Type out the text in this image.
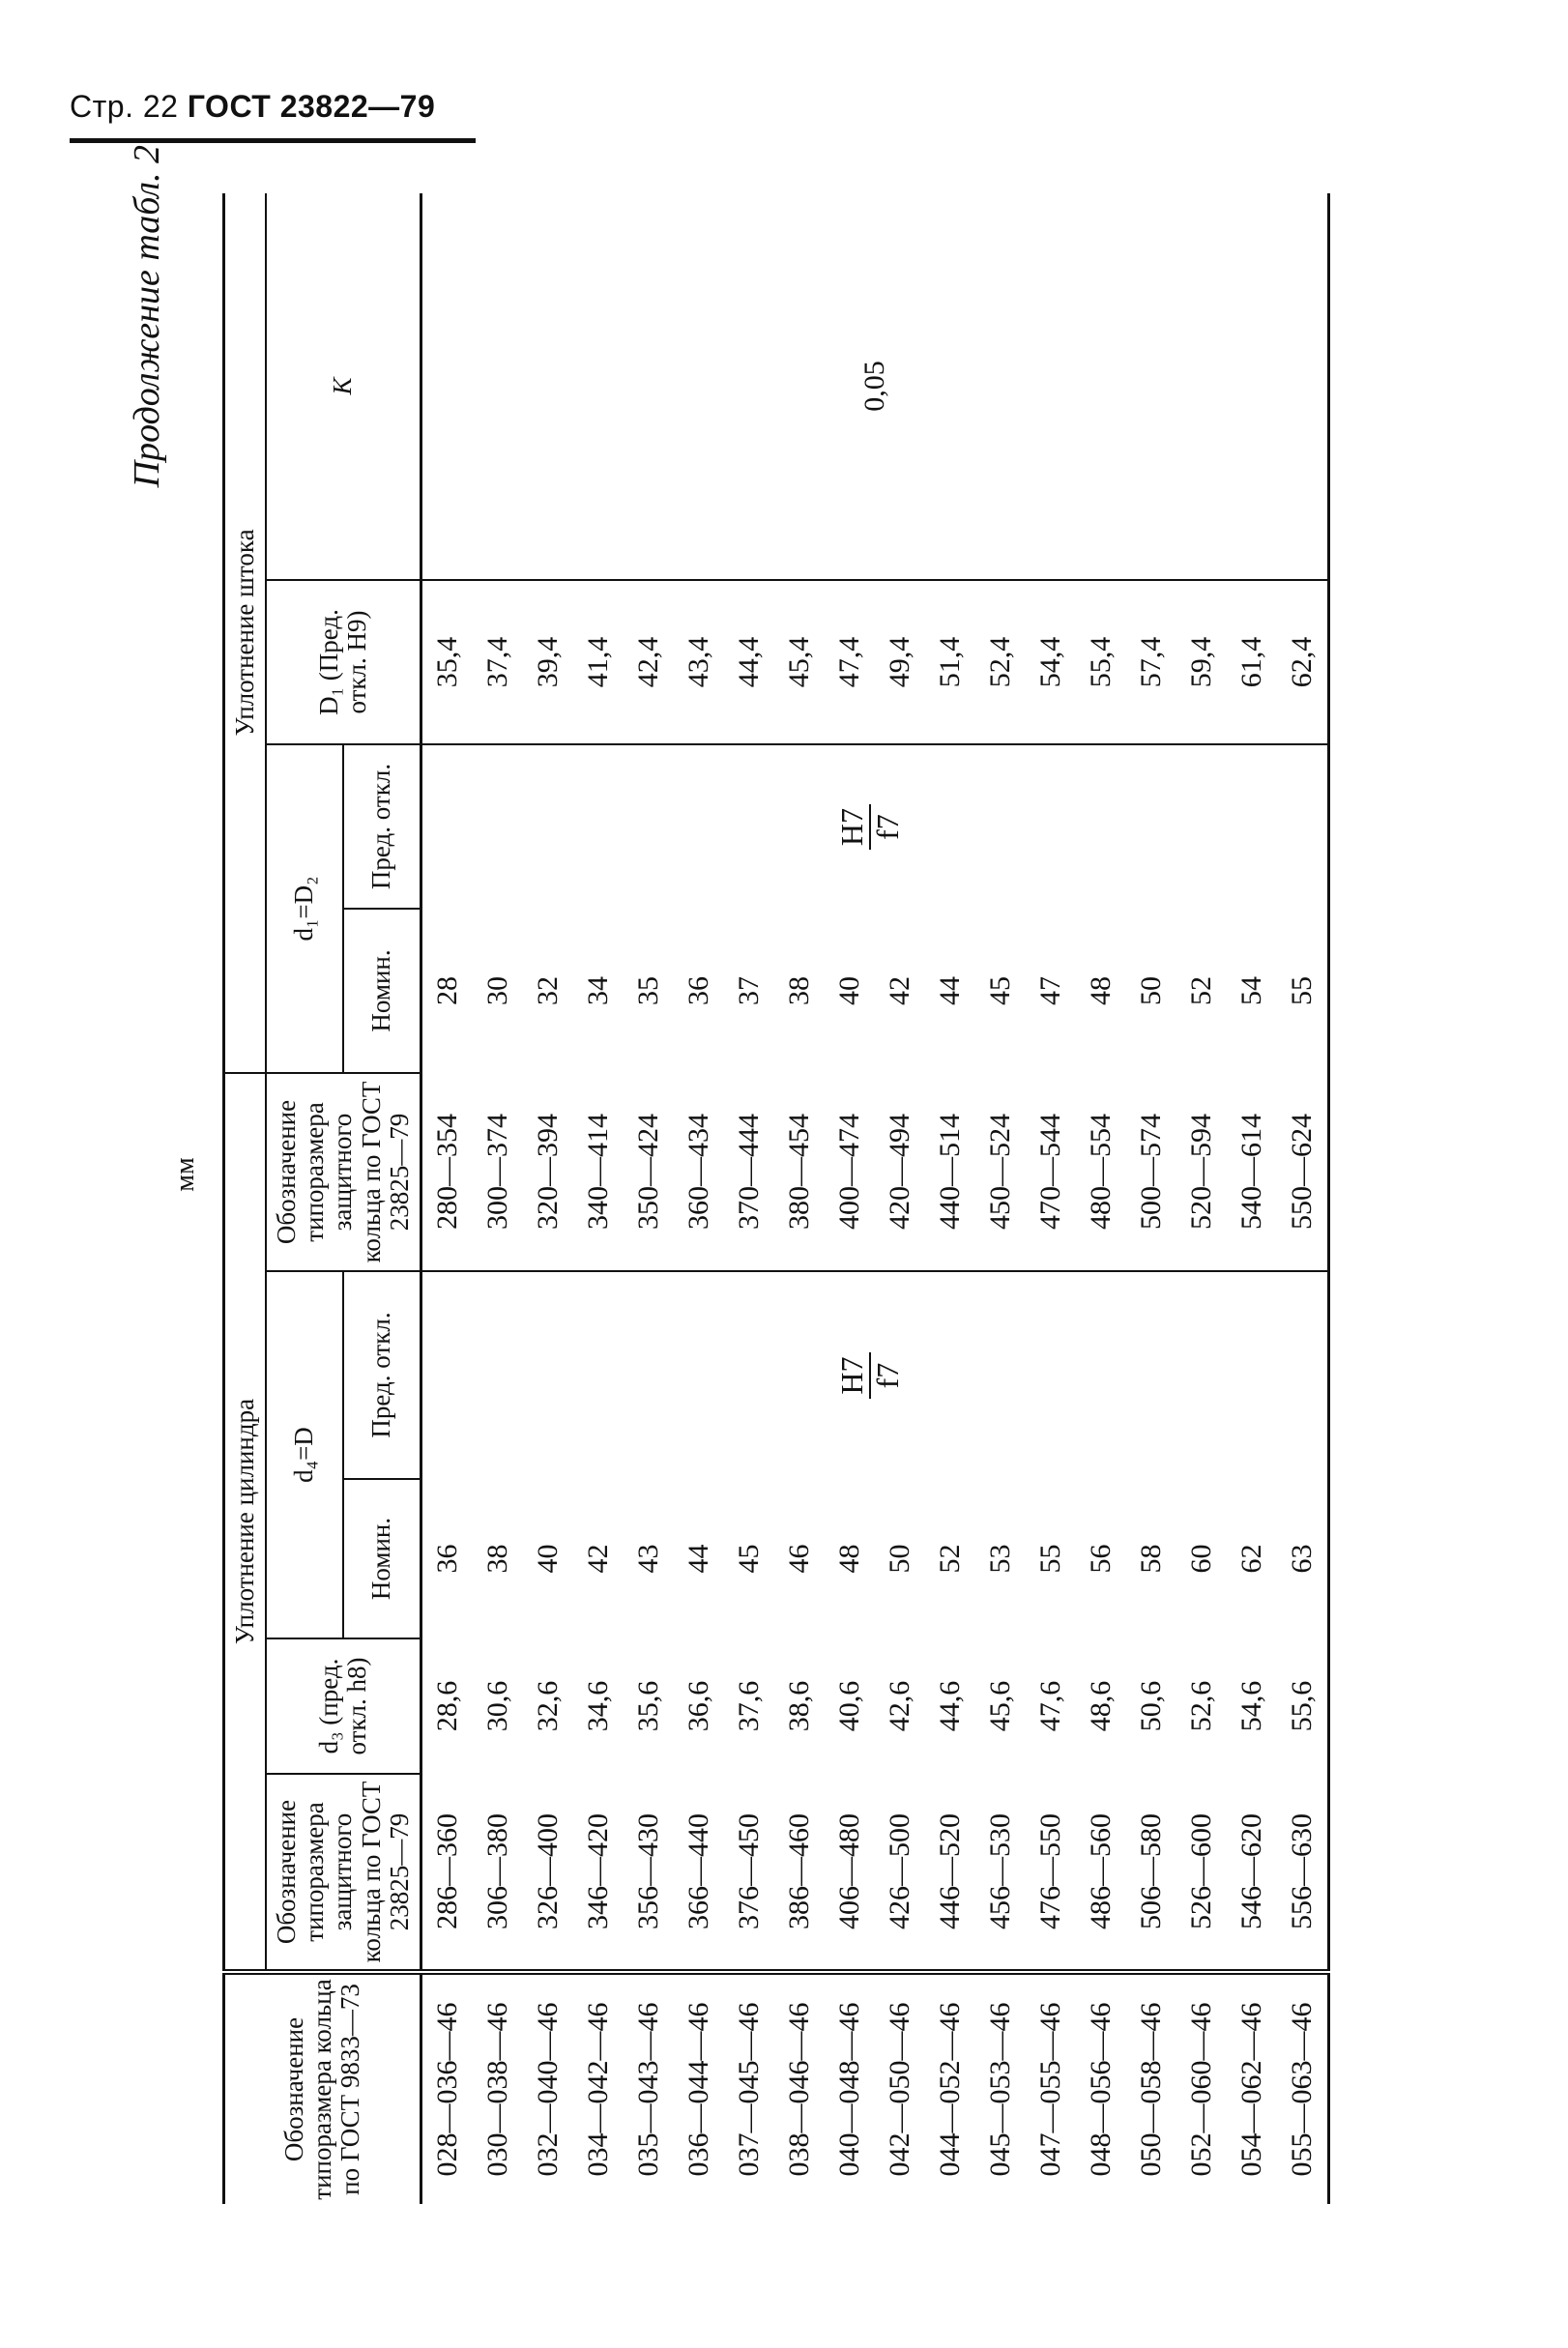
Стр. 22 ГОСТ 23822—79
Продолжение табл. 2
мм
Обозначение типоразмера кольца по ГОСТ 9833—73	Уплотнение цилиндра					Уплотнение штока			
	Обозначение типоразмера защитного кольца по ГОСТ 23825—79	d₃ (пред. откл. h8)	d₄=D		Обозначение типоразмера защитного кольца по ГОСТ 23825—79	d₁=D₂		D₁ (Пред. откл. H9)	K
			Номин.	Пред. откл.		Номин.	Пред. откл.		
028—036—46	286—360	28,6	36	H7 f7	280—354	28	H7 f7	35,4	0,05
030—038—46	306—380	30,6	38		300—374	30		37,4	
032—040—46	326—400	32,6	40		320—394	32		39,4	
034—042—46	346—420	34,6	42		340—414	34		41,4	
035—043—46	356—430	35,6	43		350—424	35		42,4	
036—044—46	366—440	36,6	44		360—434	36		43,4	
037—045—46	376—450	37,6	45		370—444	37		44,4	
038—046—46	386—460	38,6	46		380—454	38		45,4	
040—048—46	406—480	40,6	48		400—474	40		47,4	
042—050—46	426—500	42,6	50		420—494	42		49,4	
044—052—46	446—520	44,6	52		440—514	44		51,4	
045—053—46	456—530	45,6	53		450—524	45		52,4	
047—055—46	476—550	47,6	55		470—544	47		54,4	
048—056—46	486—560	48,6	56		480—554	48		55,4	
050—058—46	506—580	50,6	58		500—574	50		57,4	
052—060—46	526—600	52,6	60		520—594	52		59,4	
054—062—46	546—620	54,6	62		540—614	54		61,4	
055—063—46	556—630	55,6	63		550—624	55		62,4	
